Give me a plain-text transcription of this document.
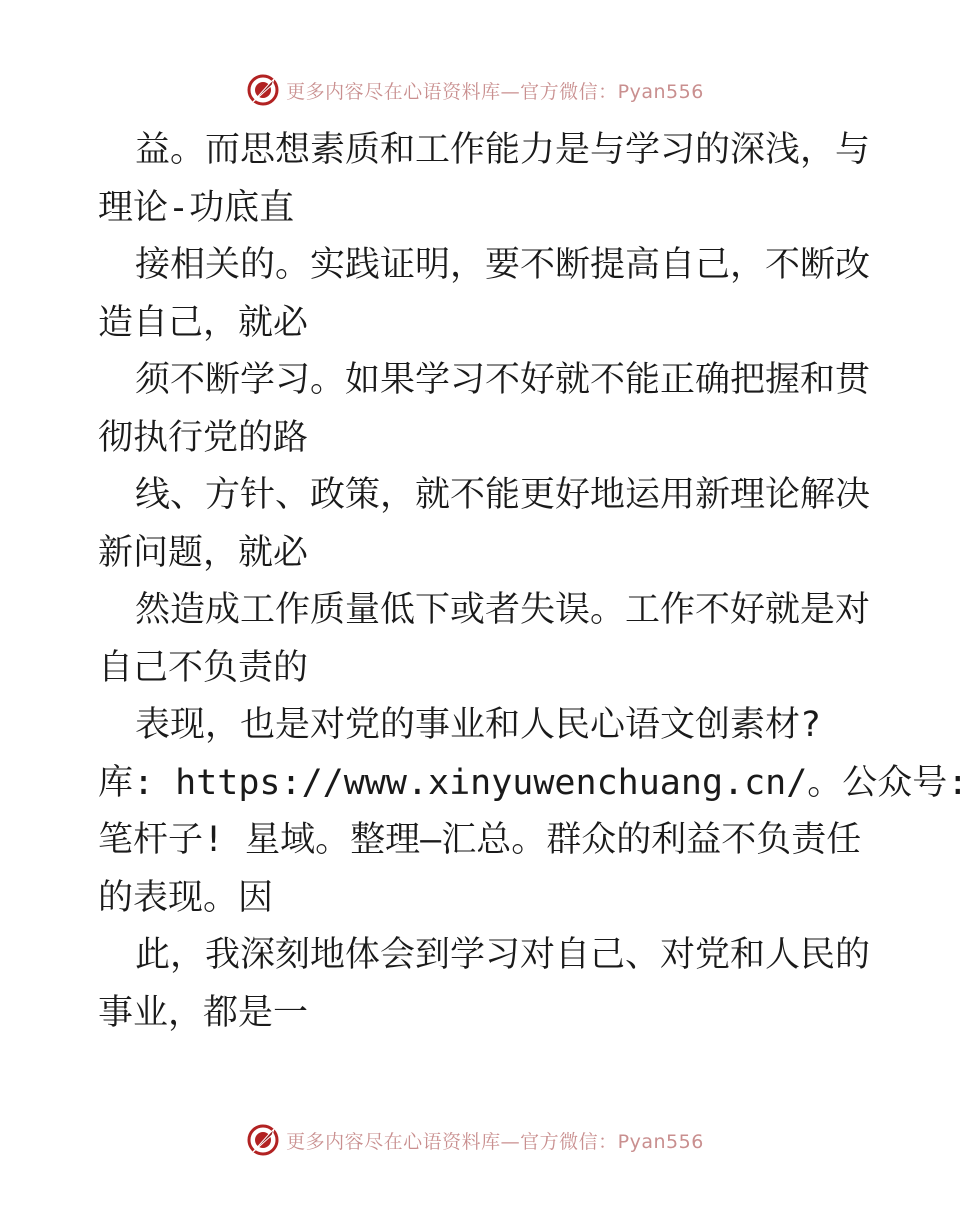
更多内容尽在心语资料库—官方微信：Pyan556
益。而思想素质和工作能力是与学习的深浅，与
理论-功底直
接相关的。实践证明，要不断提高自己，不断改
造自己，就必
须不断学习。如果学习不好就不能正确把握和贯
彻执行党的路
线、方针、政策，就不能更好地运用新理论解决
新问题，就必
然造成工作质量低下或者失误。工作不好就是对
自己不负责的
表现，也是对党的事业和人民心语文创素材?
库: https://www.xinyuwenchuang.cn/。公众号:
笔杆子! 星域。整理—汇总。群众的利益不负责任
的表现。因
此，我深刻地体会到学习对自己、对党和人民的
事业，都是一
更多内容尽在心语资料库—官方微信：Pyan556
